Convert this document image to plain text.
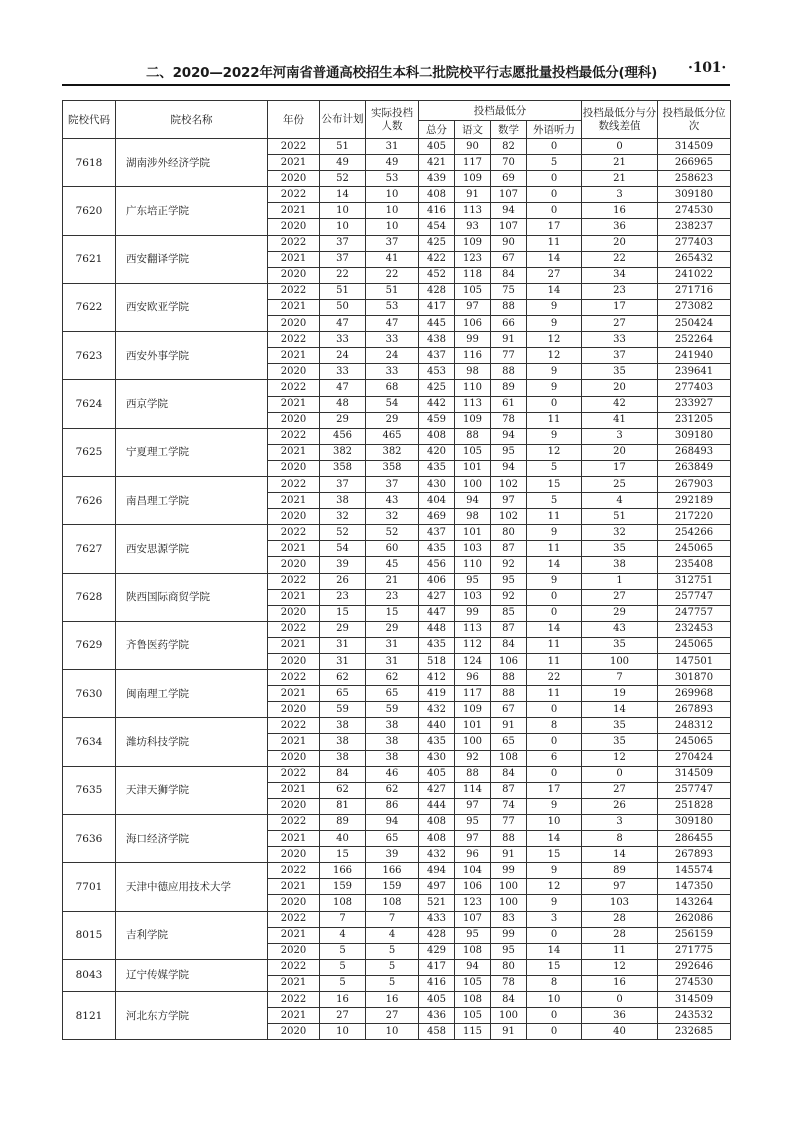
二、2020—2022年河南省普通高校招生本科二批院校平行志愿批量投档最低分(理科) ·101·
院校代码	院校名称	年份	公布计划	实际投档人数	投档最低分				投档最低分与分数线差值	投档最低分位次
					总分	语文	数学	外语听力		
7618	湖南涉外经济学院	2022	51	31	405	90	82	0	0	314509
		2021	49	49	421	117	70	5	21	266965
		2020	52	53	439	109	69	0	21	258623
7620	广东培正学院	2022	14	10	408	91	107	0	3	309180
		2021	10	10	416	113	94	0	16	274530
		2020	10	10	454	93	107	17	36	238237
7621	西安翻译学院	2022	37	37	425	109	90	11	20	277403
		2021	37	41	422	123	67	14	22	265432
		2020	22	22	452	118	84	27	34	241022
7622	西安欧亚学院	2022	51	51	428	105	75	14	23	271716
		2021	50	53	417	97	88	9	17	273082
		2020	47	47	445	106	66	9	27	250424
7623	西安外事学院	2022	33	33	438	99	91	12	33	252264
		2021	24	24	437	116	77	12	37	241940
		2020	33	33	453	98	88	9	35	239641
7624	西京学院	2022	47	68	425	110	89	9	20	277403
		2021	48	54	442	113	61	0	42	233927
		2020	29	29	459	109	78	11	41	231205
7625	宁夏理工学院	2022	456	465	408	88	94	9	3	309180
		2021	382	382	420	105	95	12	20	268493
		2020	358	358	435	101	94	5	17	263849
7626	南昌理工学院	2022	37	37	430	100	102	15	25	267903
		2021	38	43	404	94	97	5	4	292189
		2020	32	32	469	98	102	11	51	217220
7627	西安思源学院	2022	52	52	437	101	80	9	32	254266
		2021	54	60	435	103	87	11	35	245065
		2020	39	45	456	110	92	14	38	235408
7628	陕西国际商贸学院	2022	26	21	406	95	95	9	1	312751
		2021	23	23	427	103	92	0	27	257747
		2020	15	15	447	99	85	0	29	247757
7629	齐鲁医药学院	2022	29	29	448	113	87	14	43	232453
		2021	31	31	435	112	84	11	35	245065
		2020	31	31	518	124	106	11	100	147501
7630	闽南理工学院	2022	62	62	412	96	88	22	7	301870
		2021	65	65	419	117	88	11	19	269968
		2020	59	59	432	109	67	0	14	267893
7634	潍坊科技学院	2022	38	38	440	101	91	8	35	248312
		2021	38	38	435	100	65	0	35	245065
		2020	38	38	430	92	108	6	12	270424
7635	天津天狮学院	2022	84	46	405	88	84	0	0	314509
		2021	62	62	427	114	87	17	27	257747
		2020	81	86	444	97	74	9	26	251828
7636	海口经济学院	2022	89	94	408	95	77	10	3	309180
		2021	40	65	408	97	88	14	8	286455
		2020	15	39	432	96	91	15	14	267893
7701	天津中德应用技术大学	2022	166	166	494	104	99	9	89	145574
		2021	159	159	497	106	100	12	97	147350
		2020	108	108	521	123	100	9	103	143264
8015	吉利学院	2022	7	7	433	107	83	3	28	262086
		2021	4	4	428	95	99	0	28	256159
		2020	5	5	429	108	95	14	11	271775
8043	辽宁传媒学院	2022	5	5	417	94	80	15	12	292646
		2021	5	5	416	105	78	8	16	274530
8121	河北东方学院	2022	16	16	405	108	84	10	0	314509
		2021	27	27	436	105	100	0	36	243532
		2020	10	10	458	115	91	0	40	232685
